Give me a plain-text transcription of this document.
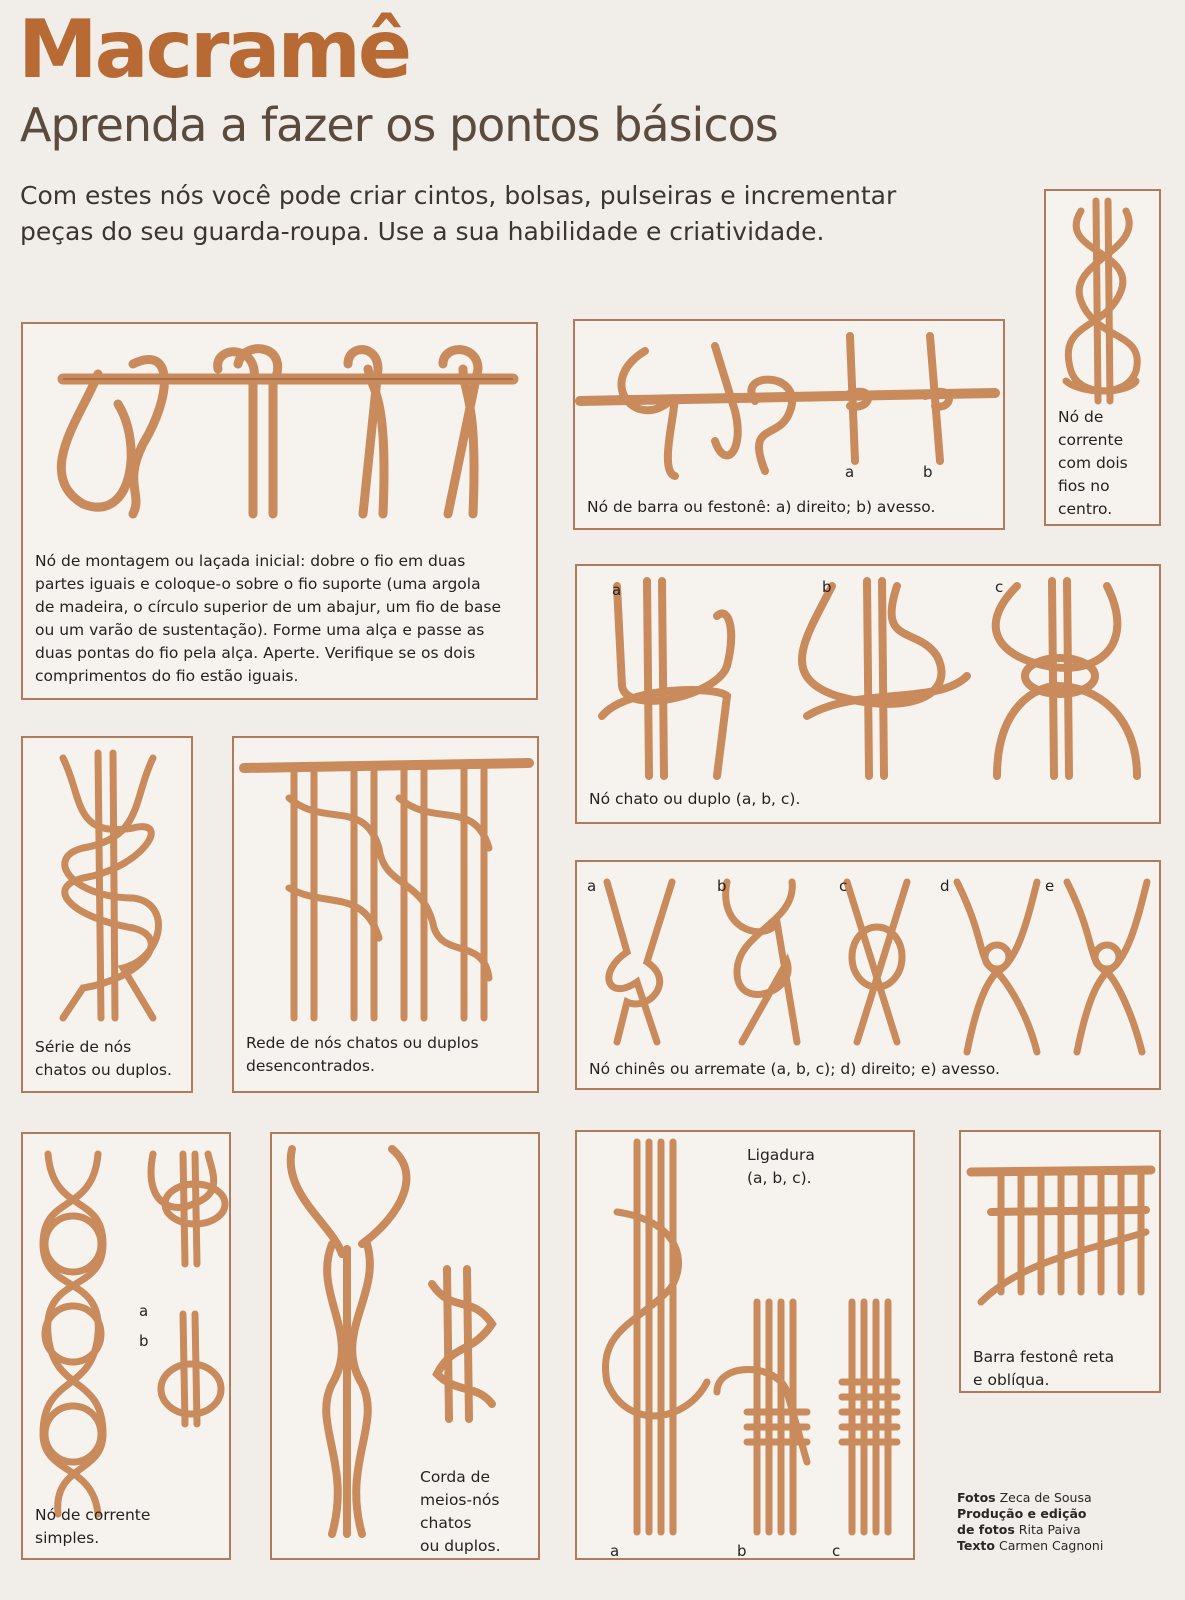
Macramê
Aprenda a fazer os pontos básicos
Com estes nós você pode criar cintos, bolsas, pulseiras e incrementar
peças do seu guarda-roupa. Use a sua habilidade e criatividade.
Nó de montagem ou laçada inicial: dobre o fio em duas
partes iguais e coloque-o sobre o fio suporte (uma argola
de madeira, o círculo superior de um abajur, um fio de base
ou um varão de sustentação). Forme uma alça e passe as
duas pontas do fio pela alça. Aperte. Verifique se os dois
comprimentos do fio estão iguais.
a	b
Nó de barra ou festonê: a) direito; b) avesso.
Nó de
corrente
com dois
fios no
centro.
a	b	c
Nó chato ou duplo (a, b, c).
Série de nós
chatos ou duplos.
Rede de nós chatos ou duplos
desencontrados.
a	b	c	d	e
Nó chinês ou arremate (a, b, c); d) direito; e) avesso.
a
b
Nó de corrente
simples.
Corda de
meios-nós
chatos
ou duplos.
Ligadura
(a, b, c).
a	b	c
Barra festonê reta
e oblíqua.
Fotos Zeca de Sousa
Produção e edição
de fotos Rita Paiva
Texto Carmen Cagnoni
